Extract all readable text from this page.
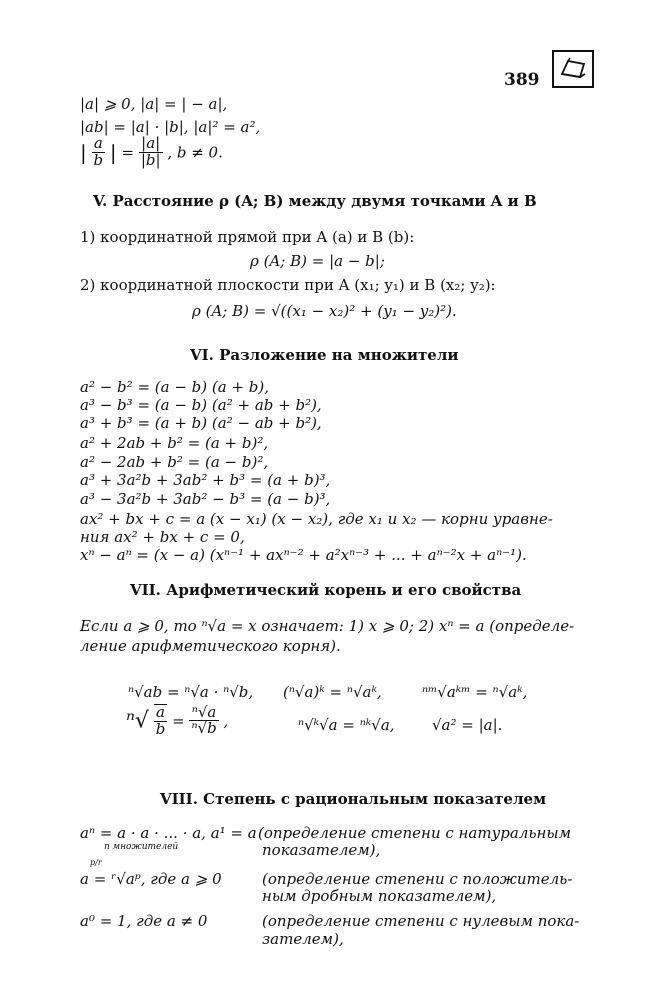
389
|a| ⩾ 0, |a| = | − a|,
|ab| = |a| · |b|, |a|² = a²,
| $\frac{a}{b}$ | = $\frac{|a|}{|b|}$ , b ≠ 0.
V. Расстояние ρ (A; B) между двумя точками A и B
1) координатной прямой при A (a) и B (b):
ρ (A; B) = |a − b|;
2) координатной плоскости при A (x₁; y₁) и B (x₂; y₂):
ρ (A; B) = √((x₁ − x₂)² + (y₁ − y₂)²).
VI. Разложение на множители
a² − b² = (a − b) (a + b),
a³ − b³ = (a − b) (a² + ab + b²),
a³ + b³ = (a + b) (a² − ab + b²),
a² + 2ab + b² = (a + b)²,
a² − 2ab + b² = (a − b)²,
a³ + 3a²b + 3ab² + b³ = (a + b)³,
a³ − 3a²b + 3ab² − b³ = (a − b)³,
ax² + bx + c = a (x − x₁) (x − x₂), где x₁ и x₂ — корни уравне-
ния ax² + bx + c = 0,
xⁿ − aⁿ = (x − a) (xⁿ⁻¹ + axⁿ⁻² + a²xⁿ⁻³ + ... + aⁿ⁻²x + aⁿ⁻¹).
VII. Арифметический корень и его свойства
Если a ⩾ 0, то ⁿ√a = x означает: 1) x ⩾ 0; 2) xⁿ = a (определе-
ление арифметического корня).
ⁿ√ab = ⁿ√a · ⁿ√b, (ⁿ√a)ᵏ = ⁿ√aᵏ,	ⁿᵐ√aᵏᵐ = ⁿ√aᵏ,
$^n√ \frac{a}{b} = \frac{\text{ⁿ√a}}{\text{ⁿ√b}}$ ,	ⁿ√ᵏ√a = ⁿᵏ√a, √a² = |a|.
VIII. Степень с рациональным показателем
aⁿ = a · a · ... · a, a¹ = a
n множителей
(определение степени с натуральным
показателем),
p/r
a = ʳ√aᵖ, где a ⩾ 0	(определение степени с положитель-
ным дробным показателем),
a⁰ = 1, где a ≠ 0	(определение степени с нулевым пока-
зателем),
